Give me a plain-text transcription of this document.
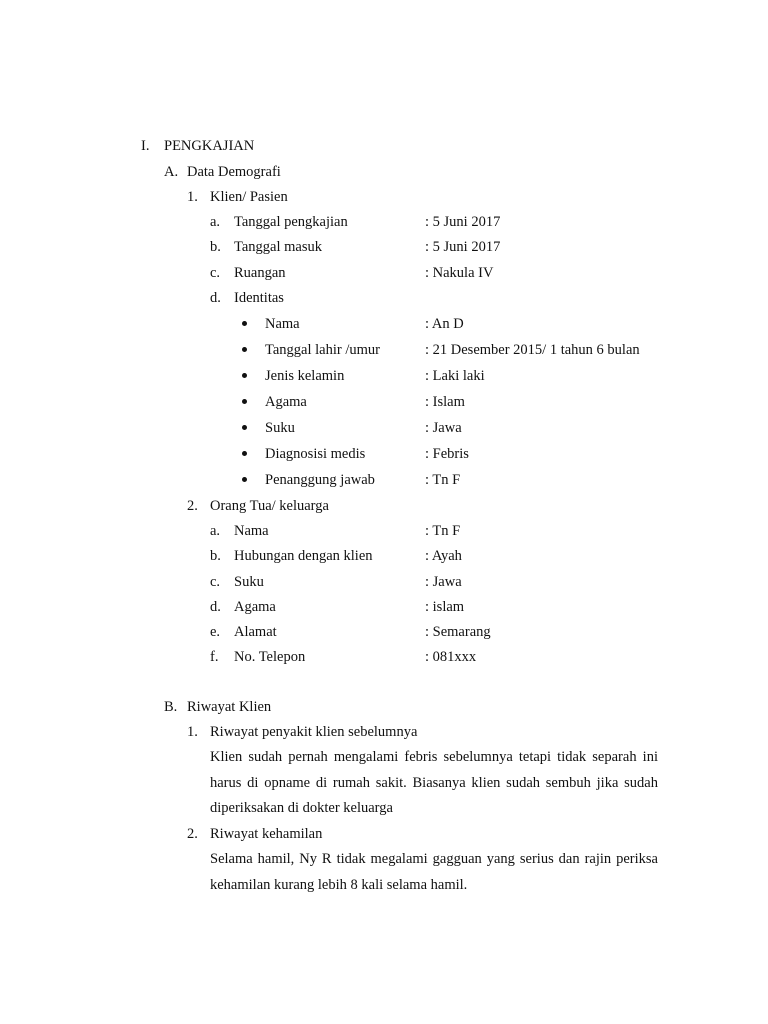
I. PENGKAJIAN
A. Data Demografi
1. Klien/ Pasien
a. Tanggal pengkajian	: 5 Juni 2017
b. Tanggal masuk	: 5 Juni 2017
c. Ruangan	: Nakula IV
d. Identitas
Nama	: An D
Tanggal lahir /umur	: 21 Desember 2015/ 1 tahun 6 bulan
Jenis kelamin	: Laki laki
Agama	: Islam
Suku	: Jawa
Diagnosisi medis	: Febris
Penanggung jawab	: Tn F
2. Orang Tua/ keluarga
a. Nama	: Tn F
b. Hubungan dengan klien	: Ayah
c. Suku	: Jawa
d. Agama	: islam
e. Alamat	: Semarang
f. No. Telepon	: 081xxx
B. Riwayat Klien
1. Riwayat penyakit klien sebelumnya
Klien sudah pernah mengalami febris sebelumnya tetapi tidak separah ini harus di opname di rumah sakit. Biasanya klien sudah sembuh jika sudah diperiksakan di dokter keluarga
2. Riwayat kehamilan
Selama hamil, Ny R tidak megalami gagguan yang serius dan rajin periksa kehamilan kurang lebih 8 kali selama hamil.
